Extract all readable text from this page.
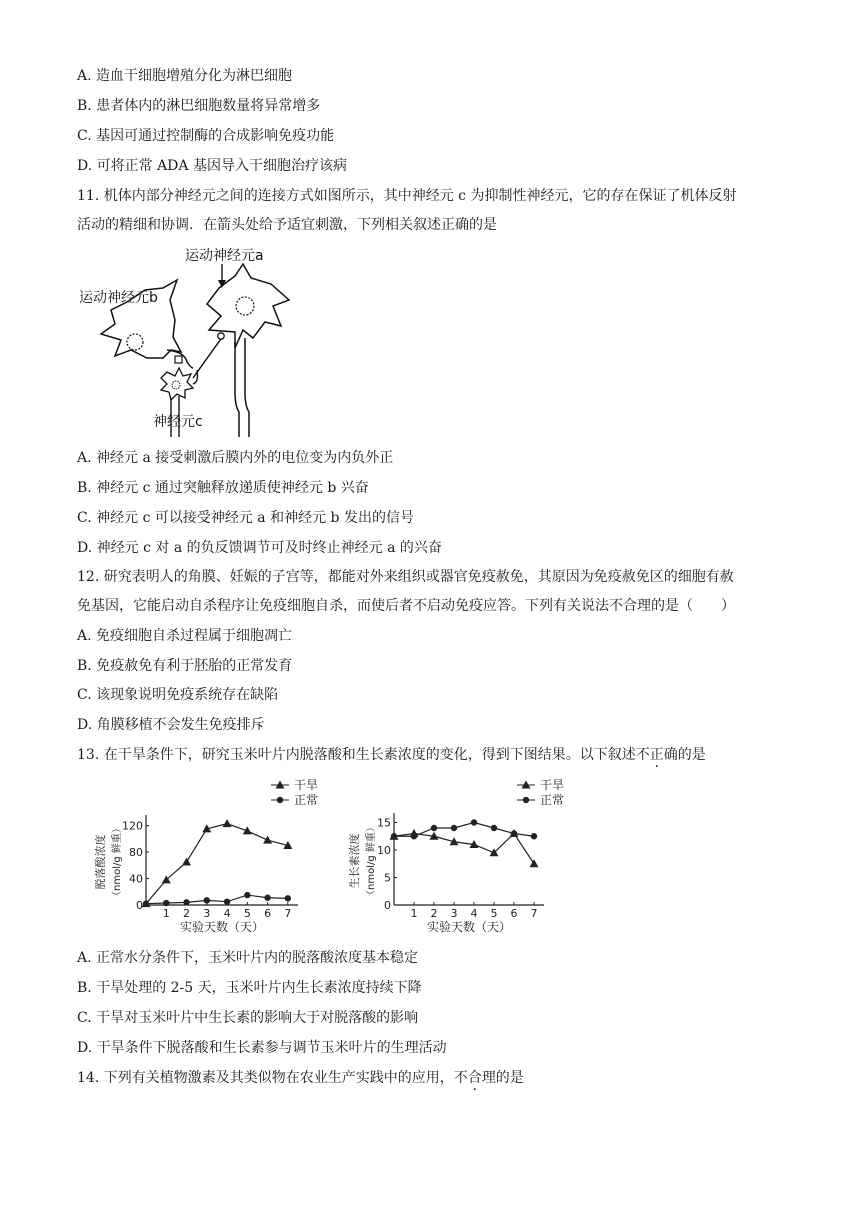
A. 造血干细胞增殖分化为淋巴细胞

B. 患者体内的淋巴细胞数量将异常增多

C. 基因可通过控制酶的合成影响免疫功能

D. 可将正常 ADA 基因导入干细胞治疗该病

11. 机体内部分神经元之间的连接方式如图所示，其中神经元 c 为抑制性神经元，它的存在保证了机体反射

活动的精细和协调．在箭头处给予适宜刺激，下列相关叙述正确的是

运动神经元a
运动神经元b
神经元c

A. 神经元 a 接受刺激后膜内外的电位变为内负外正

B. 神经元 c 通过突触释放递质使神经元 b 兴奋

C. 神经元 c 可以接受神经元 a 和神经元 b 发出的信号

D. 神经元 c 对 a 的负反馈调节可及时终止神经元 a 的兴奋

12. 研究表明人的角膜、妊娠的子宫等，都能对外来组织或器官免疫赦免，其原因为免疫赦免区的细胞有赦

免基因，它能启动自杀程序让免疫细胞自杀，而使后者不启动免疫应答。下列有关说法不合理的是（　　）

A. 免疫细胞自杀过程属于细胞凋亡

B. 免疫赦免有利于胚胎的正常发育

C. 该现象说明免疫系统存在缺陷

D. 角膜移植不会发生免疫排斥

13. 在干旱条件下，研究玉米叶片内脱落酸和生长素浓度的变化，得到下图结果。以下叙述不正确的是

0
40
80
120
1 2 3 4 5 6 7
实验天数（天）
脱落酸浓度 （nmol/g 鲜重）
干旱
正常
0
5
10
15
1 2 3 4 5 6 7
实验天数（天）
生长素浓度 （nmol/g 鲜重）
干旱
正常

A. 正常水分条件下，玉米叶片内的脱落酸浓度基本稳定

B. 干旱处理的 2-5 天，玉米叶片内生长素浓度持续下降

C. 干旱对玉米叶片中生长素的影响大于对脱落酸的影响

D. 干旱条件下脱落酸和生长素参与调节玉米叶片的生理活动

14. 下列有关植物激素及其类似物在农业生产实践中的应用，不合理的是
